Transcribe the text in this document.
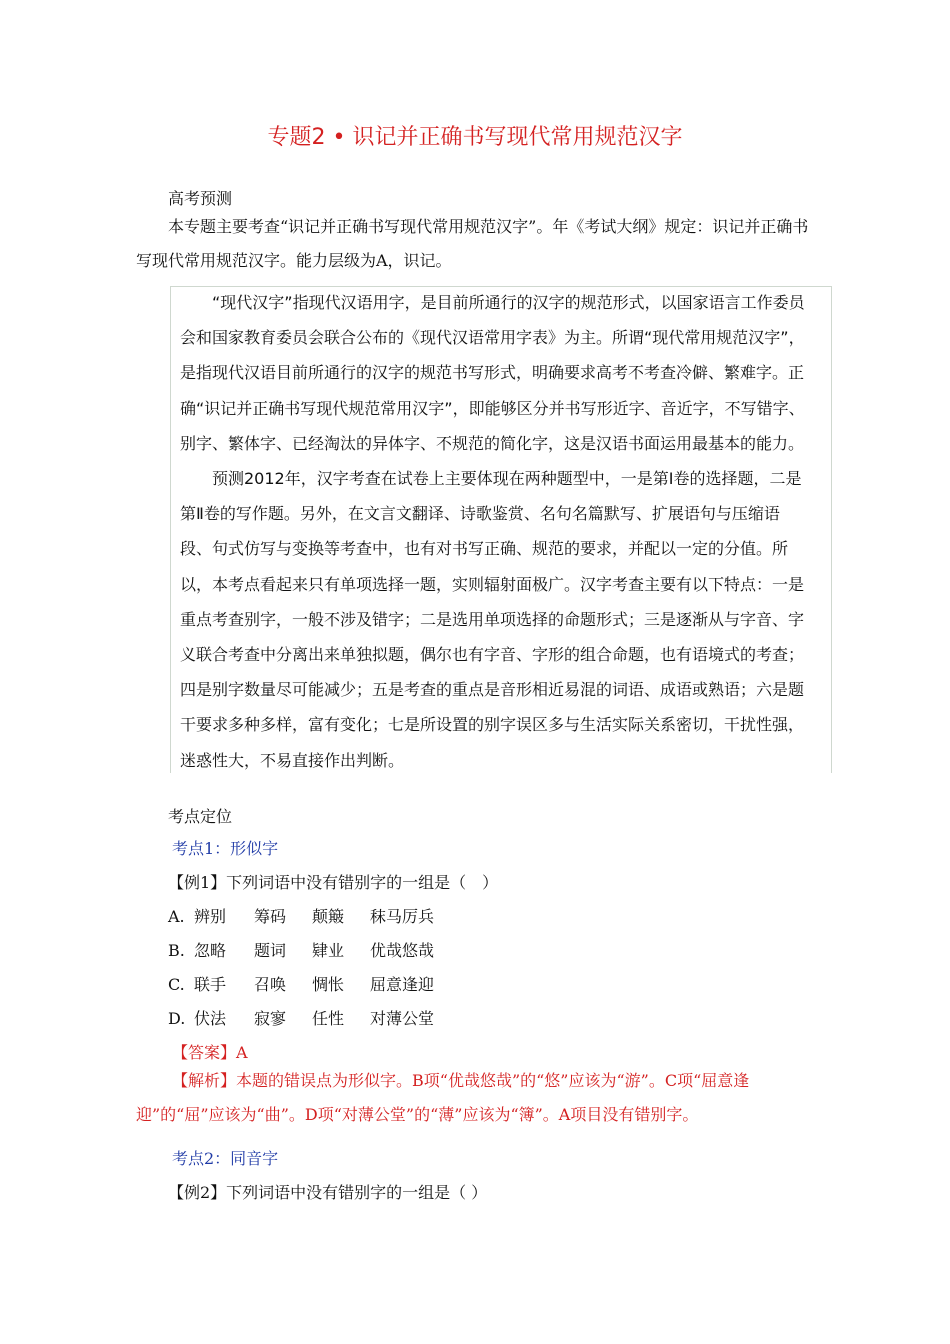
专题2 • 识记并正确书写现代常用规范汉字
高考预测
本专题主要考查“识记并正确书写现代常用规范汉字”。年《考试大纲》规定：识记并正确书写现代常用规范汉字。能力层级为A，识记。

“现代汉字”指现代汉语用字，是目前所通行的汉字的规范形式，以国家语言工作委员会和国家教育委员会联合公布的《现代汉语常用字表》为主。所谓“现代常用规范汉字”，是指现代汉语目前所通行的汉字的规范书写形式，明确要求高考不考查冷僻、繁难字。正确“识记并正确书写现代规范常用汉字”，即能够区分并书写形近字、音近字，不写错字、别字、繁体字、已经淘汰的异体字、不规范的简化字，这是汉语书面运用最基本的能力。

预测2012年，汉字考查在试卷上主要体现在两种题型中，一是第Ⅰ卷的选择题，二是第Ⅱ卷的写作题。另外，在文言文翻译、诗歌鉴赏、名句名篇默写、扩展语句与压缩语段、句式仿写与变换等考查中，也有对书写正确、规范的要求，并配以一定的分值。所以，本考点看起来只有单项选择一题，实则辐射面极广。汉字考查主要有以下特点：一是重点考查别字，一般不涉及错字；二是选用单项选择的命题形式；三是逐渐从与字音、字义联合考查中分离出来单独拟题，偶尔也有字音、字形的组合命题，也有语境式的考查；四是别字数量尽可能减少；五是考查的重点是音形相近易混的词语、成语或熟语；六是题干要求多种多样，富有变化；七是所设置的别字误区多与生活实际关系密切，干扰性强，迷惑性大，不易直接作出判断。

考点定位
考点1：形似字
【例1】下列词语中没有错别字的一组是（　）
A. 辨别 筹码 颠簸 秣马厉兵
B. 忽略 题词 肄业 优哉悠哉
C. 联手 召唤 惆怅 屈意逢迎
D. 伏法 寂寥 任性 对薄公堂
【答案】A
【解析】本题的错误点为形似字。B项“优哉悠哉”的“悠”应该为“游”。C项“屈意逢迎”的“屈”应该为“曲”。D项“对薄公堂”的“薄”应该为“簿”。A项目没有错别字。
考点2：同音字
【例2】下列词语中没有错别字的一组是（ ）
